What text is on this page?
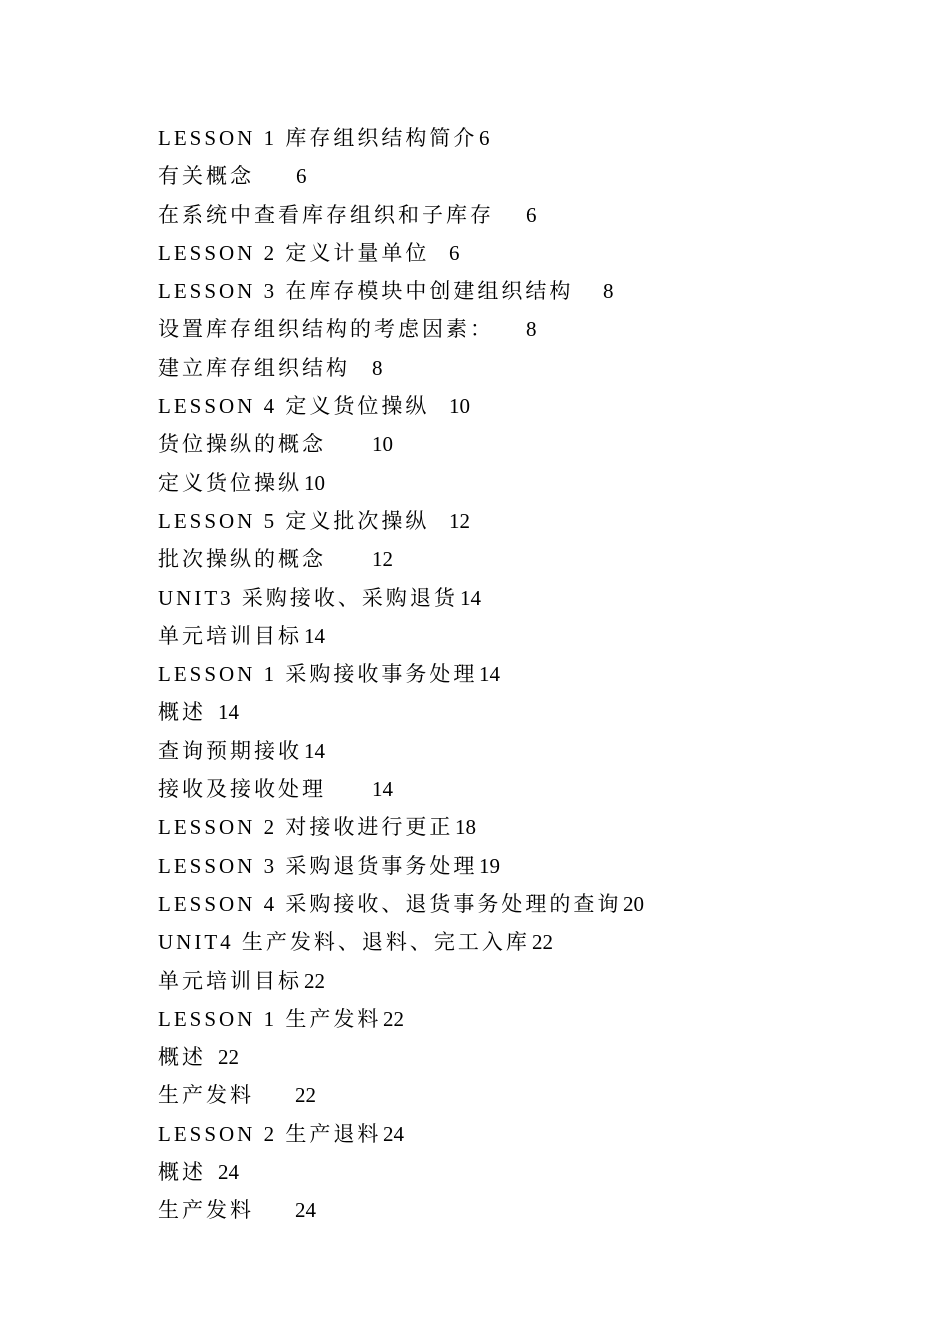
LESSON 1 库存组织结构简介 6
有关概念 6
在系统中查看库存组织和子库存 6
LESSON 2 定义计量单位 6
LESSON 3 在库存模块中创建组织结构 8
设置库存组织结构的考虑因素： 8
建立库存组织结构 8
LESSON 4 定义货位操纵 10
货位操纵的概念 10
定义货位操纵 10
LESSON 5 定义批次操纵 12
批次操纵的概念 12
UNIT3 采购接收、采购退货 14
单元培训目标 14
LESSON 1 采购接收事务处理 14
概述 14
查询预期接收 14
接收及接收处理 14
LESSON 2 对接收进行更正 18
LESSON 3 采购退货事务处理 19
LESSON 4 采购接收、退货事务处理的查询 20
UNIT4 生产发料、退料、完工入库 22
单元培训目标 22
LESSON 1 生产发料 22
概述 22
生产发料 22
LESSON 2 生产退料 24
概述 24
生产发料 24
